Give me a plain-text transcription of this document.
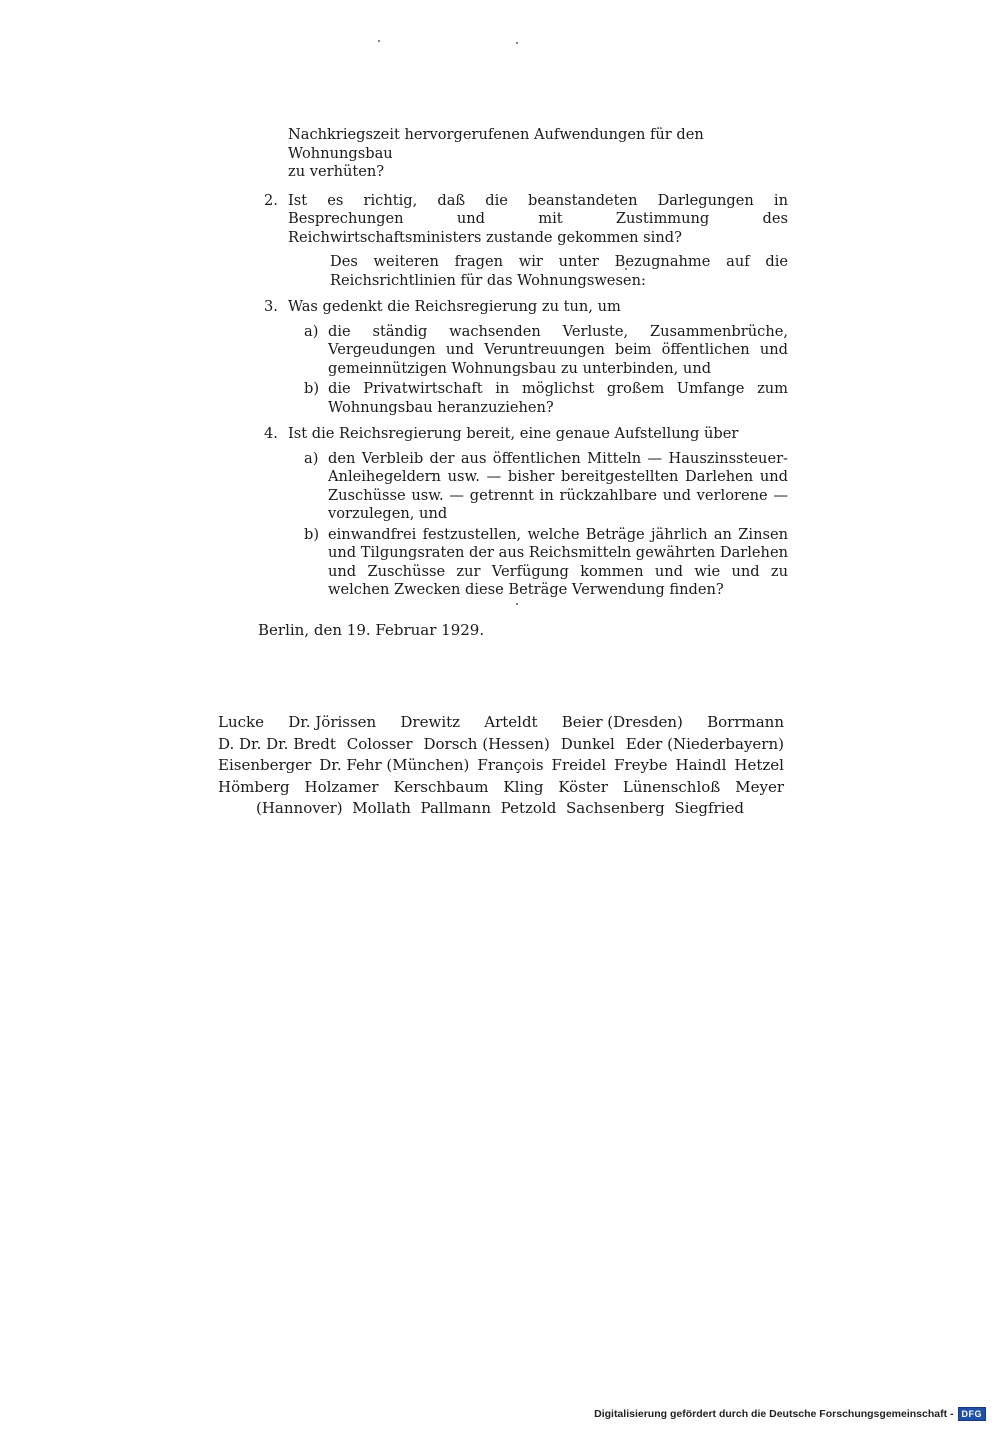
Nachkriegszeit hervorgerufenen Aufwendungen für den Wohnungsbau

zu verhüten?

2. Ist es richtig, daß die beanstandeten Darlegungen in Besprechungen und mit Zustimmung des Reichwirtschaftsministers zustande gekommen sind?

Des weiteren fragen wir unter Bezugnahme auf die Reichsrichtlinien für das Wohnungswesen:

3. Was gedenkt die Reichsregierung zu tun, um

a) die ständig wachsenden Verluste, Zusammenbrüche, Vergeudungen und Veruntreuungen beim öffentlichen und gemeinnützigen Wohnungsbau zu unterbinden, und
b) die Privatwirtschaft in möglichst großem Umfange zum Wohnungsbau heranzuziehen?
4. Ist die Reichsregierung bereit, eine genaue Aufstellung über

a) den Verbleib der aus öffentlichen Mitteln — Hauszinssteuer-Anleihegeldern usw. — bisher bereitgestellten Darlehen und Zuschüsse usw. — getrennt in rückzahlbare und verlorene — vorzulegen, und
b) einwandfrei festzustellen, welche Beträge jährlich an Zinsen und Tilgungsraten der aus Reichsmitteln gewährten Darlehen und Zuschüsse zur Verfügung kommen und wie und zu welchen Zwecken diese Beträge Verwendung finden?
Berlin, den 19. Februar 1929.
Lucke Dr. Jörissen Drewitz Arteldt Beier (Dresden) Borrmann
D. Dr. Dr. Bredt Colosser Dorsch (Hessen) Dunkel Eder (Niederbayern)
Eisenberger Dr. Fehr (München) François Freidel Freybe Haindl Hetzel
Hömberg Holzamer Kerschbaum Kling Köster Lünenschloß Meyer
(Hannover) Mollath Pallmann Petzold Sachsenberg Siegfried
Digitalisierung gefördert durch die Deutsche Forschungsgemeinschaft - DFG
